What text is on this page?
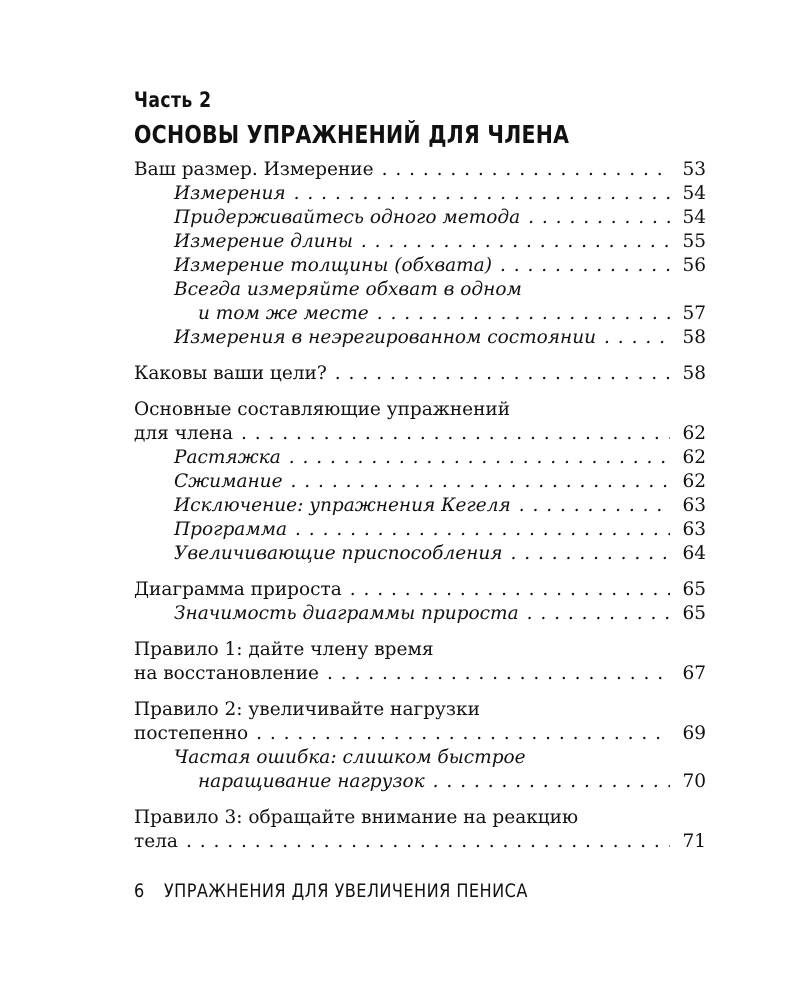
Часть 2
ОСНОВЫ УПРАЖНЕНИЙ ДЛЯ ЧЛЕНА
Ваш размер. Измерение . . .	53
Измерения . . .	54
Придерживайтесь одного метода . . .	54
Измерение длины . . .	55
Измерение толщины (обхвата) . . .	56
Всегда измеряйте обхват в одном
и том же месте . . .	57
Измерения в неэрегированном состоянии . . .	58
Каковы ваши цели? . . .	58
Основные составляющие упражнений
для члена . . .	62
Растяжка . . .	62
Сжимание . . .	62
Исключение: упражнения Кегеля . . .	63
Программа . . .	63
Увеличивающие приспособления . . .	64
Диаграмма прироста . . .	65
Значимость диаграммы прироста . . .	65
Правило 1: дайте члену время
на восстановление . . .	67
Правило 2: увеличивайте нагрузки
постепенно . . .	69
Частая ошибка: слишком быстрое
наращивание нагрузок . . .	70
Правило 3: обращайте внимание на реакцию
тела . . .	71
6 УПРАЖНЕНИЯ ДЛЯ УВЕЛИЧЕНИЯ ПЕНИСА
